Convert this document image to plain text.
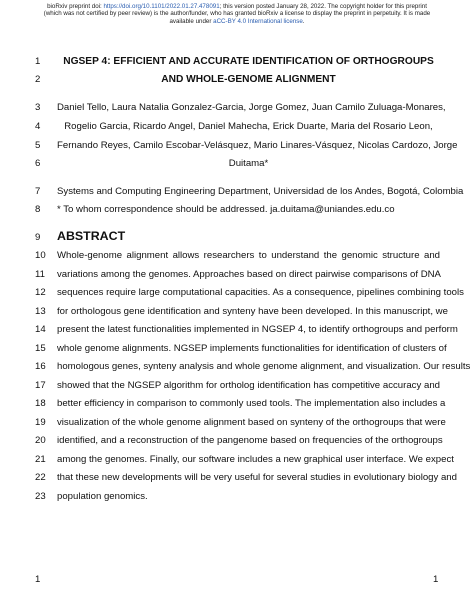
bioRxiv preprint doi: https://doi.org/10.1101/2022.01.27.478091; this version posted January 28, 2022. The copyright holder for this preprint
(which was not certified by peer review) is the author/funder, who has granted bioRxiv a license to display the preprint in perpetuity. It is made
available under aCC-BY 4.0 International license.
1	NGSEP 4: EFFICIENT AND ACCURATE IDENTIFICATION OF ORTHOGROUPS
2	AND WHOLE-GENOME ALIGNMENT
3	Daniel Tello, Laura Natalia Gonzalez-Garcia, Jorge Gomez, Juan Camilo Zuluaga-Monares,
4	Rogelio Garcia, Ricardo Angel, Daniel Mahecha, Erick Duarte, Maria del Rosario Leon,
5	Fernando Reyes, Camilo Escobar-Velásquez, Mario Linares-Vásquez, Nicolas Cardozo, Jorge
6	Duitama*
7	Systems and Computing Engineering Department, Universidad de los Andes, Bogotá, Colombia
8	* To whom correspondence should be addressed. ja.duitama@uniandes.edu.co
9	ABSTRACT
10	Whole-genome alignment allows researchers to understand the genomic structure and
11	variations among the genomes. Approaches based on direct pairwise comparisons of DNA
12	sequences require large computational capacities. As a consequence, pipelines combining tools
13	for orthologous gene identification and synteny have been developed. In this manuscript, we
14	present the latest functionalities implemented in NGSEP 4, to identify orthogroups and perform
15	whole genome alignments. NGSEP implements functionalities for identification of clusters of
16	homologous genes, synteny analysis and whole genome alignment, and visualization. Our results
17	showed that the NGSEP algorithm for ortholog identification has competitive accuracy and
18	better efficiency in comparison to commonly used tools. The implementation also includes a
19	visualization of the whole genome alignment based on synteny of the orthogroups that were
20	identified, and a reconstruction of the pangenome based on frequencies of the orthogroups
21	among the genomes. Finally, our software includes a new graphical user interface. We expect
22	that these new developments will be very useful for several studies in evolutionary biology and
23	population genomics.
1	1
